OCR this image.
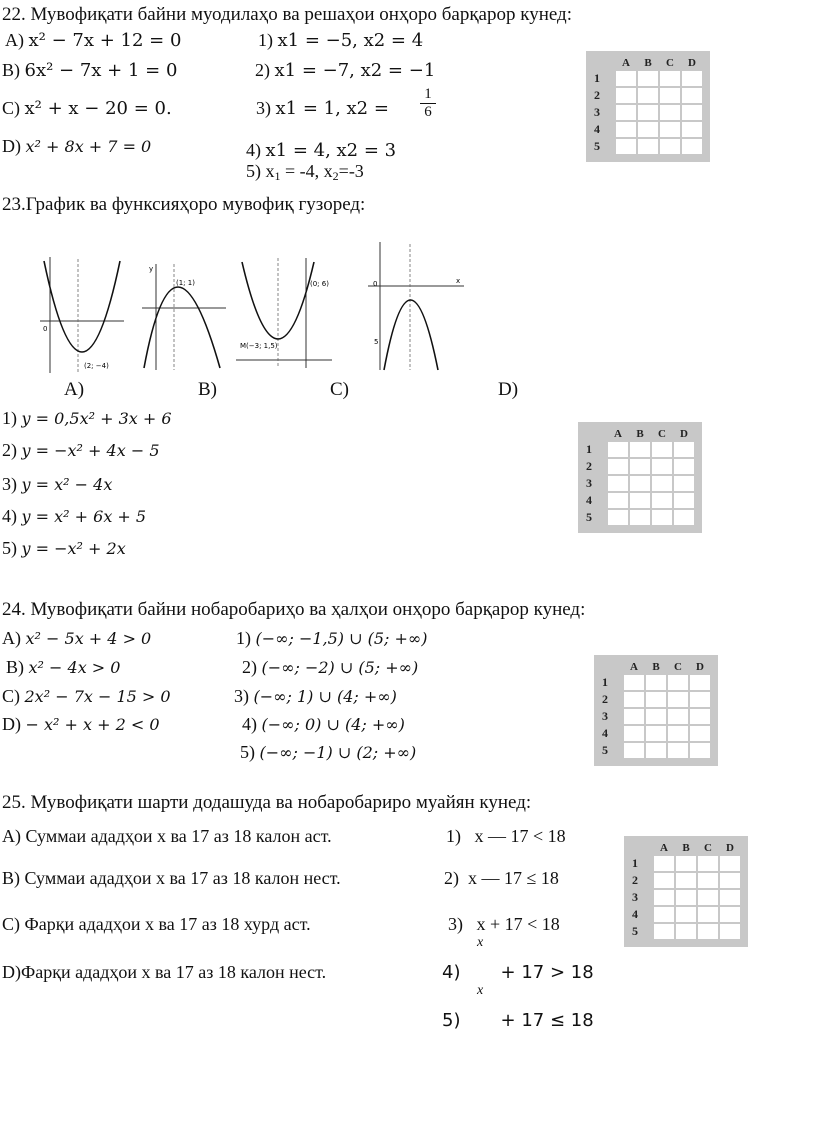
22. Мувофиқати байни муодилаҳо ва решаҳои онҳоро барқарор кунед:
A) x² − 7x + 12 = 0
B) 6x² − 7x + 1 = 0
C) x² + x − 20 = 0.
D) x² + 8x + 7 = 0
1) x1 = −5, x2 = 4
2) x1 = −7, x2 = −1
3) x1 = 1, x2 =
1
6
4) x1 = 4, x2 = 3
5) $x_1 = -4$, $x_2=-3$
	A	B	C	D
1				
2				
3				
4				
5				
23.График ва функсияҳоро мувофиқ гузоред:
0
(2; −4)
(1; 1)
y
(0; 6)
M(−3; 1,5)
0
5
x
A)	B)	C)	D)
1) y = 0,5x² + 3x + 6
2) y = −x² + 4x − 5
3) y = x² − 4x
4) y = x² + 6x + 5
5) y = −x² + 2x
	A	B	C	D
1				
2				
3				
4				
5				
24. Мувофиқати байни нобаробариҳо ва ҳалҳои онҳоро барқарор кунед:
A) x² − 5x + 4 > 0
B) x² − 4x > 0
C) 2x² − 7x − 15 > 0
D) − x² + x + 2 < 0
1) (−∞; −1,5) ∪ (5; +∞)
2) (−∞; −2) ∪ (5; +∞)
3) (−∞; 1) ∪ (4; +∞)
4) (−∞; 0) ∪ (4; +∞)
5) (−∞; −1) ∪ (2; +∞)
	A	B	C	D
1				
2				
3				
4				
5				
25. Мувофиқати шарти додашуда ва нобаробариро муайян кунед:
A) Суммаи ададҳои x ва 17 аз 18 калон аст.
B) Суммаи ададҳои x ва 17 аз 18 калон нест.
C) Фарқи ададҳои x ва 17 аз 18 хурд аст.
D)Фарқи ададҳои x ва 17 аз 18 калон нест.
1) x — 17 < 18
2) x — 17 ≤ 18
3) x + 17 < 18
x
4) + 17 > 18
x
5) + 17 ≤ 18
	A	B	C	D
1				
2				
3				
4				
5				
